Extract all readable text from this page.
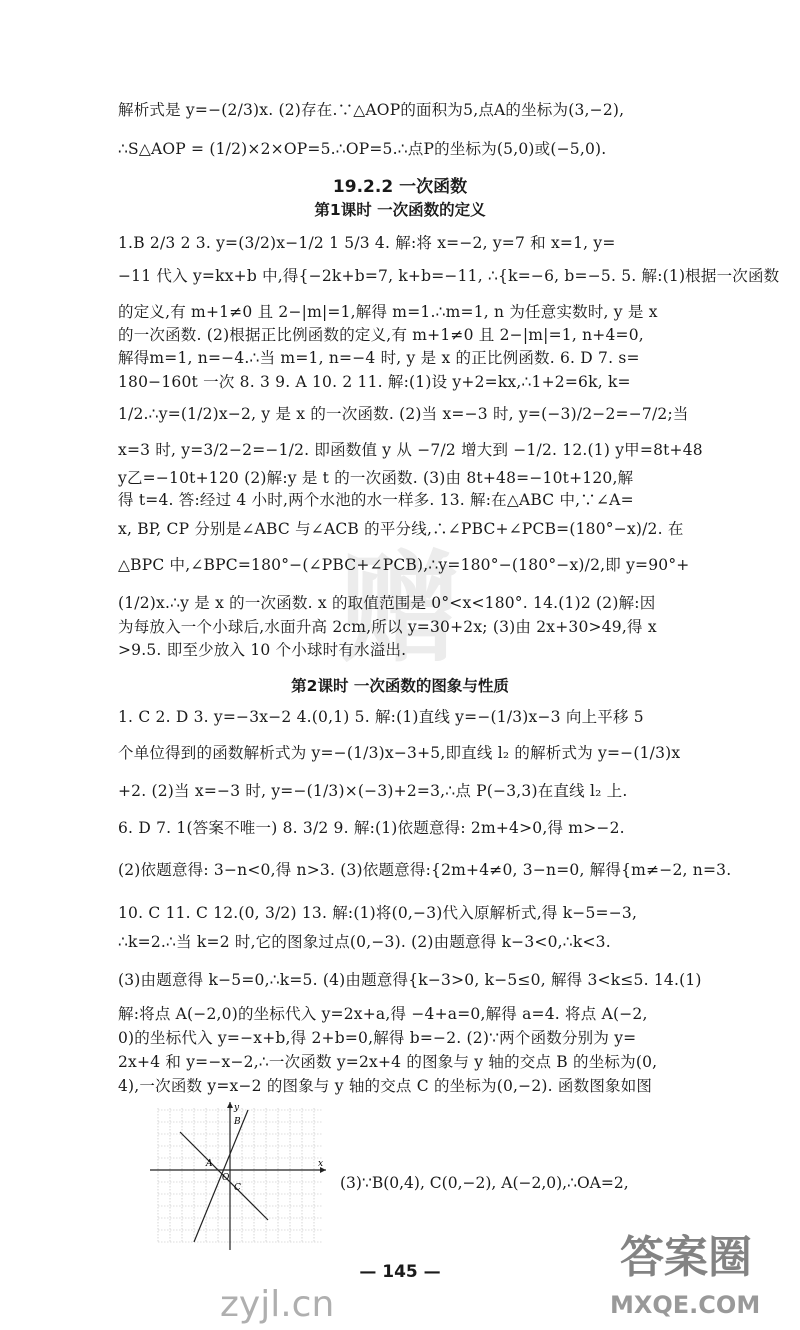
赠
解析式是 y=−(2/3)x. (2)存在.∵△AOP的面积为5,点A的坐标为(3,−2),
∴S△AOP = (1/2)×2×OP=5.∴OP=5.∴点P的坐标为(5,0)或(−5,0).
19.2.2 一次函数
第1课时 一次函数的定义
1.B 2/3 2 3. y=(3/2)x−1/2 1 5/3 4. 解:将 x=−2, y=7 和 x=1, y=
−11 代入 y=kx+b 中,得{−2k+b=7, k+b=−11, ∴{k=−6, b=−5. 5. 解:(1)根据一次函数
的定义,有 m+1≠0 且 2−|m|=1,解得 m=1.∴m=1, n 为任意实数时, y 是 x
的一次函数. (2)根据正比例函数的定义,有 m+1≠0 且 2−|m|=1, n+4=0,
解得m=1, n=−4.∴当 m=1, n=−4 时, y 是 x 的正比例函数. 6. D 7. s=
180−160t 一次 8. 3 9. A 10. 2 11. 解:(1)设 y+2=kx,∴1+2=6k, k=
1/2.∴y=(1/2)x−2, y 是 x 的一次函数. (2)当 x=−3 时, y=(−3)/2−2=−7/2;当
x=3 时, y=3/2−2=−1/2. 即函数值 y 从 −7/2 增大到 −1/2. 12.(1) y甲=8t+48
y乙=−10t+120 (2)解:y 是 t 的一次函数. (3)由 8t+48=−10t+120,解
得 t=4. 答:经过 4 小时,两个水池的水一样多. 13. 解:在△ABC 中,∵∠A=
x, BP, CP 分别是∠ABC 与∠ACB 的平分线,∴∠PBC+∠PCB=(180°−x)/2. 在
△BPC 中,∠BPC=180°−(∠PBC+∠PCB),∴y=180°−(180°−x)/2,即 y=90°+
(1/2)x.∴y 是 x 的一次函数. x 的取值范围是 0°<x<180°. 14.(1)2 (2)解:因
为每放入一个小球后,水面升高 2cm,所以 y=30+2x; (3)由 2x+30>49,得 x
>9.5. 即至少放入 10 个小球时有水溢出.
第2课时 一次函数的图象与性质
1. C 2. D 3. y=−3x−2 4.(0,1) 5. 解:(1)直线 y=−(1/3)x−3 向上平移 5
个单位得到的函数解析式为 y=−(1/3)x−3+5,即直线 l₂ 的解析式为 y=−(1/3)x
+2. (2)当 x=−3 时, y=−(1/3)×(−3)+2=3,∴点 P(−3,3)在直线 l₂ 上.
6. D 7. 1(答案不唯一) 8. 3/2 9. 解:(1)依题意得: 2m+4>0,得 m>−2.
(2)依题意得: 3−n<0,得 n>3. (3)依题意得:{2m+4≠0, 3−n=0, 解得{m≠−2, n=3.
10. C 11. C 12.(0, 3/2) 13. 解:(1)将(0,−3)代入原解析式,得 k−5=−3,
∴k=2.∴当 k=2 时,它的图象过点(0,−3). (2)由题意得 k−3<0,∴k<3.
(3)由题意得 k−5=0,∴k=5. (4)由题意得{k−3>0, k−5≤0, 解得 3<k≤5. 14.(1)
解:将点 A(−2,0)的坐标代入 y=2x+a,得 −4+a=0,解得 a=4. 将点 A(−2,
0)的坐标代入 y=−x+b,得 2+b=0,解得 b=−2. (2)∵两个函数分别为 y=
2x+4 和 y=−x−2,∴一次函数 y=2x+4 的图象与 y 轴的交点 B 的坐标为(0,
4),一次函数 y=x−2 的图象与 y 轴的交点 C 的坐标为(0,−2). 函数图象如图
y
x
B
C
A
O	(3)∵B(0,4), C(0,−2), A(−2,0),∴OA=2,
— 145 —
zyjl.cn
答案圈
MXQE.COM
